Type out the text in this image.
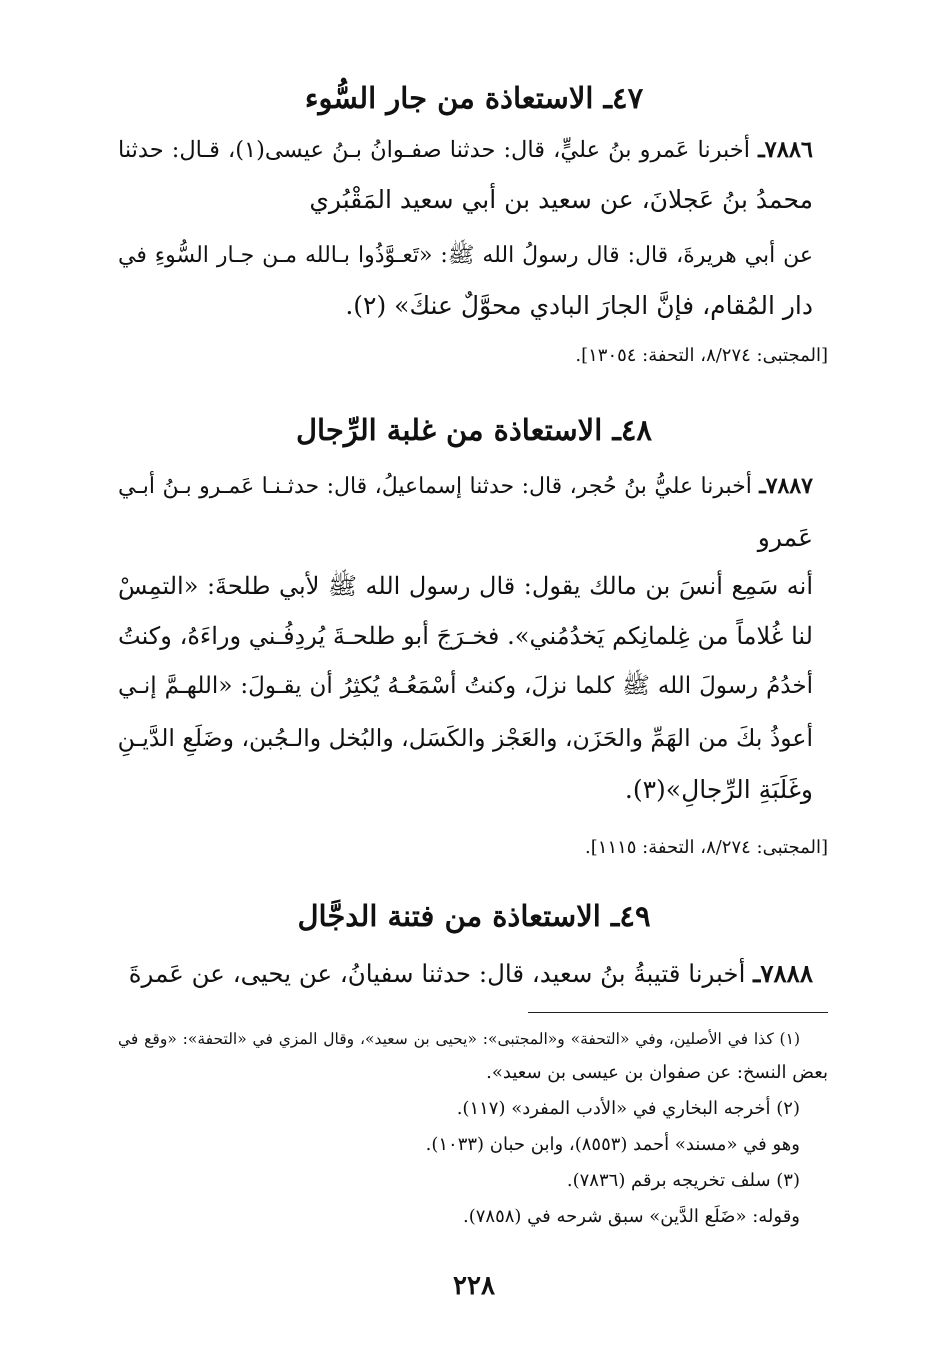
٤٧ـ الاستعاذة من جار السُّوء
٧٨٨٦ـ أخبرنا عَمرو بنُ عليٍّ، قال: حدثنا صفـوانُ بـنُ عيسى(١)، قـال: حدثنا
محمدُ بنُ عَجلانَ، عن سعيد بن أبي سعيد المَقْبُري
عن أبي هريرةَ، قال: قال رسولُ الله ﷺ: «تَعـوَّذُوا بـالله مـن جـار السُّوءِ في
دار المُقام، فإنَّ الجارَ البادي محوَّلٌ عنكَ» (٢).
[المجتبى: ٨/٢٧٤، التحفة: ١٣٠٥٤].
٤٨ـ الاستعاذة من غلبة الرِّجال
٧٨٨٧ـ أخبرنا عليُّ بنُ حُجر، قال: حدثنا إسماعيلُ، قال: حدثـنـا عَمـرو بـنُ أبـي
عَمرو
أنه سَمِع أنسَ بن مالك يقول: قال رسول الله ﷺ لأبي طلحةَ: «التمِسْ
لنا غُلاماً من غِلمانِكم يَخدُمُني». فخـرَجَ أبو طلحـةَ يُردِفُـني وراءَهُ، وكنتُ
أخدُمُ رسولَ الله ﷺ كلما نزلَ، وكنتُ أسْمَعُـهُ يُكثِرُ أن يقـولَ: «اللهـمَّ إنـي
أعوذُ بكَ من الهَمِّ والحَزَن، والعَجْز والكَسَل، والبُخل والـجُبن، وضَلَعِ الدَّيـنِ
وغَلَبَةِ الرِّجالِ»(٣).
[المجتبى: ٨/٢٧٤، التحفة: ١١١٥].
٤٩ـ الاستعاذة من فتنة الدجَّال
٧٨٨٨ـ أخبرنا قتيبةُ بنُ سعيد، قال: حدثنا سفيانُ، عن يحيى، عن عَمرةَ
(١) كذا في الأصلين، وفي «التحفة» و«المجتبى»: «يحيى بن سعيد»، وقال المزي في «التحفة»: «وقع في
بعض النسخ: عن صفوان بن عيسى بن سعيد».
(٢) أخرجه البخاري في «الأدب المفرد» (١١٧).
وهو في «مسند» أحمد (٨٥٥٣)، وابن حبان (١٠٣٣).
(٣) سلف تخريجه برقم (٧٨٣٦).
وقوله: «ضَلَع الدَّين» سبق شرحه في (٧٨٥٨).
٢٢٨
